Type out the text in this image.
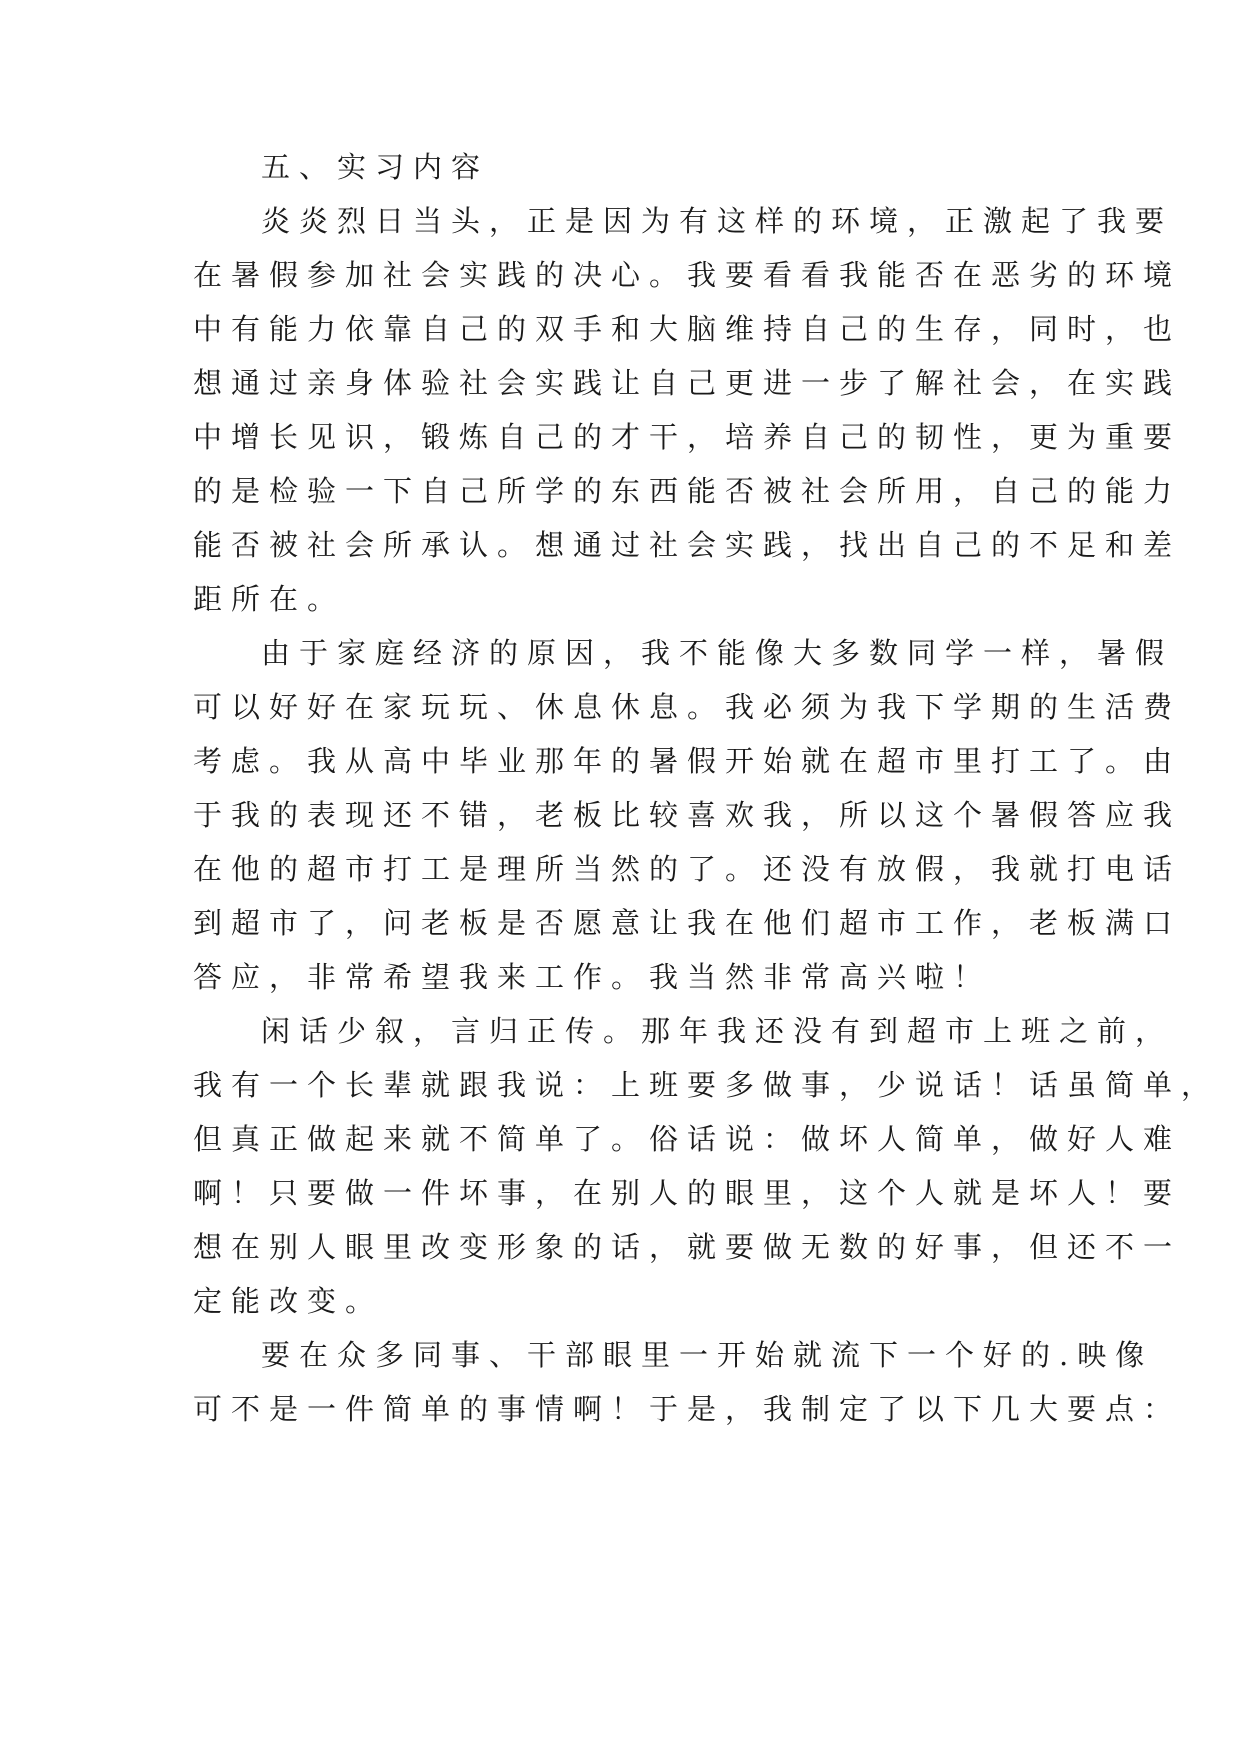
五、实习内容
炎炎烈日当头，正是因为有这样的环境，正激起了我要
在暑假参加社会实践的决心。我要看看我能否在恶劣的环境
中有能力依靠自己的双手和大脑维持自己的生存，同时，也
想通过亲身体验社会实践让自己更进一步了解社会，在实践
中增长见识，锻炼自己的才干，培养自己的韧性，更为重要
的是检验一下自己所学的东西能否被社会所用，自己的能力
能否被社会所承认。想通过社会实践，找出自己的不足和差
距所在。
由于家庭经济的原因，我不能像大多数同学一样，暑假
可以好好在家玩玩、休息休息。我必须为我下学期的生活费
考虑。我从高中毕业那年的暑假开始就在超市里打工了。由
于我的表现还不错，老板比较喜欢我，所以这个暑假答应我
在他的超市打工是理所当然的了。还没有放假，我就打电话
到超市了，问老板是否愿意让我在他们超市工作，老板满口
答应，非常希望我来工作。我当然非常高兴啦！
闲话少叙，言归正传。那年我还没有到超市上班之前，
我有一个长辈就跟我说：上班要多做事，少说话！话虽简单，
但真正做起来就不简单了。俗话说：做坏人简单，做好人难
啊！只要做一件坏事，在别人的眼里，这个人就是坏人！要
想在别人眼里改变形象的话，就要做无数的好事，但还不一
定能改变。
要在众多同事、干部眼里一开始就流下一个好的.映像
可不是一件简单的事情啊！于是，我制定了以下几大要点：
